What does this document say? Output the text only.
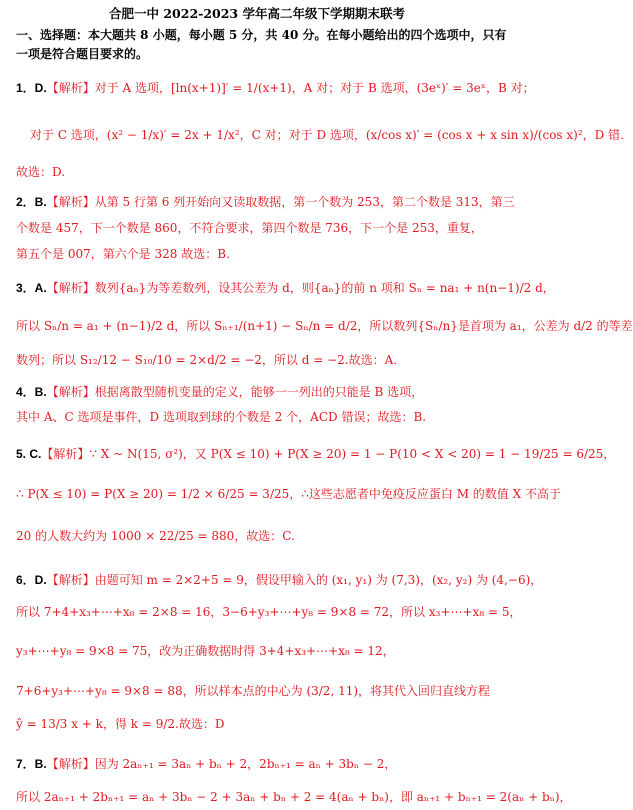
合肥一中 2022-2023 学年高二年级下学期期末联考
一、选择题：本大题共 8 小题，每小题 5 分，共 40 分。在每小题给出的四个选项中，只有
一项是符合题目要求的。
1．D.【解析】对于 A 选项，[ln(x+1)]′ = 1/(x+1)，A 对；对于 B 选项，(3eˣ)′ = 3eˣ，B 对；
对于 C 选项，(x² − 1/x)′ = 2x + 1/x²，C 对；对于 D 选项，(x/cos x)′ = (cos x + x sin x)/(cos x)²，D 错.
故选：D.
2．B.【解析】从第 5 行第 6 列开始向又读取数据，第一个数为 253，第二个数是 313，第三
个数是 457，下一个数是 860，不符合要求，第四个数是 736，下一个是 253，重复，
第五个是 007，第六个是 328 故选：B.
3．A.【解析】数列{aₙ}为等差数列，设其公差为 d，则{aₙ}的前 n 项和 Sₙ = na₁ + n(n−1)/2 d，
所以 Sₙ/n = a₁ + (n−1)/2 d，所以 Sₙ₊₁/(n+1) − Sₙ/n = d/2，所以数列{Sₙ/n}是首项为 a₁，公差为 d/2 的等差
数列；所以 S₁₂/12 − S₁₀/10 = 2×d/2 = −2，所以 d = −2.故选：A.
4．B.【解析】根据离散型随机变量的定义，能够一一列出的只能是 B 选项，
其中 A、C 选项是事件，D 选项取到球的个数是 2 个，ACD 错误；故选：B.
5. C.【解析】∵ X ~ N(15, σ²)，又 P(X ≤ 10) + P(X ≥ 20) = 1 − P(10 < X < 20) = 1 − 19/25 = 6/25，
∴ P(X ≤ 10) = P(X ≥ 20) = 1/2 × 6/25 = 3/25，∴这些志愿者中免疫反应蛋白 M 的数值 X 不高于
20 的人数大约为 1000 × 22/25 = 880，故选：C.
6．D.【解析】由题可知 m = 2×2+5 = 9，假设甲输入的 (x₁, y₁) 为 (7,3)，(x₂, y₂) 为 (4,−6)，
所以 7+4+x₃+⋯+x₈ = 2×8 = 16，3−6+y₃+⋯+y₈ = 9×8 = 72，所以 x₃+⋯+x₈ = 5，
y₃+⋯+y₈ = 9×8 = 75，改为正确数据时得 3+4+x₃+⋯+x₈ = 12，
7+6+y₃+⋯+y₈ = 9×8 = 88，所以样本点的中心为 (3/2, 11)，将其代入回归直线方程
ŷ = 13/3 x + k，得 k = 9/2.故选：D
7．B.【解析】因为 2aₙ₊₁ = 3aₙ + bₙ + 2，2bₙ₊₁ = aₙ + 3bₙ − 2，
所以 2aₙ₊₁ + 2bₙ₊₁ = aₙ + 3bₙ − 2 + 3aₙ + bₙ + 2 = 4(aₙ + bₙ)，即 aₙ₊₁ + bₙ₊₁ = 2(aₙ + bₙ)，
